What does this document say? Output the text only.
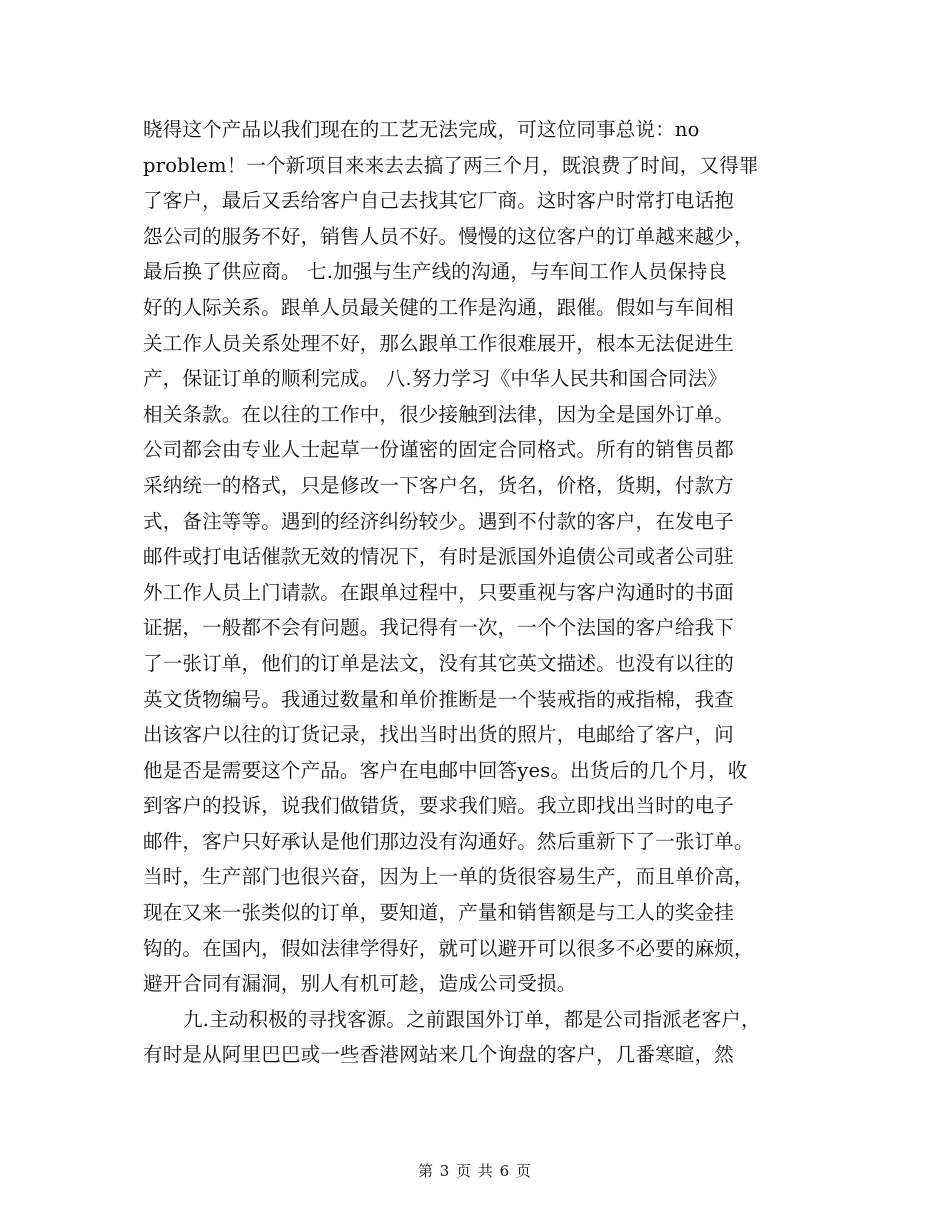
晓得这个产品以我们现在的工艺无法完成，可这位同事总说：no
problem！一个新项目来来去去搞了两三个月，既浪费了时间，又得罪
了客户，最后又丢给客户自己去找其它厂商。这时客户时常打电话抱
怨公司的服务不好，销售人员不好。慢慢的这位客户的订单越来越少，
最后换了供应商。 七.加强与生产线的沟通，与车间工作人员保持良
好的人际关系。跟单人员最关健的工作是沟通，跟催。假如与车间相
关工作人员关系处理不好，那么跟单工作很难展开，根本无法促进生
产，保证订单的顺利完成。 八.努力学习《中华人民共和国合同法》
相关条款。在以往的工作中，很少接触到法律，因为全是国外订单。
公司都会由专业人士起草一份谨密的固定合同格式。所有的销售员都
采纳统一的格式，只是修改一下客户名，货名，价格，货期，付款方
式，备注等等。遇到的经济纠纷较少。遇到不付款的客户，在发电子
邮件或打电话催款无效的情况下，有时是派国外追债公司或者公司驻
外工作人员上门请款。在跟单过程中，只要重视与客户沟通时的书面
证据，一般都不会有问题。我记得有一次，一个个法国的客户给我下
了一张订单，他们的订单是法文，没有其它英文描述。也没有以往的
英文货物编号。我通过数量和单价推断是一个装戒指的戒指棉，我查
出该客户以往的订货记录，找出当时出货的照片，电邮给了客户，问
他是否是需要这个产品。客户在电邮中回答yes。出货后的几个月，收
到客户的投诉，说我们做错货，要求我们赔。我立即找出当时的电子
邮件，客户只好承认是他们那边没有沟通好。然后重新下了一张订单。
当时，生产部门也很兴奋，因为上一单的货很容易生产，而且单价高，
现在又来一张类似的订单，要知道，产量和销售额是与工人的奖金挂
钩的。在国内，假如法律学得好，就可以避开可以很多不必要的麻烦，
避开合同有漏洞，别人有机可趁，造成公司受损。
九.主动积极的寻找客源。之前跟国外订单，都是公司指派老客户，
有时是从阿里巴巴或一些香港网站来几个询盘的客户，几番寒暄，然
第 3 页 共 6 页
